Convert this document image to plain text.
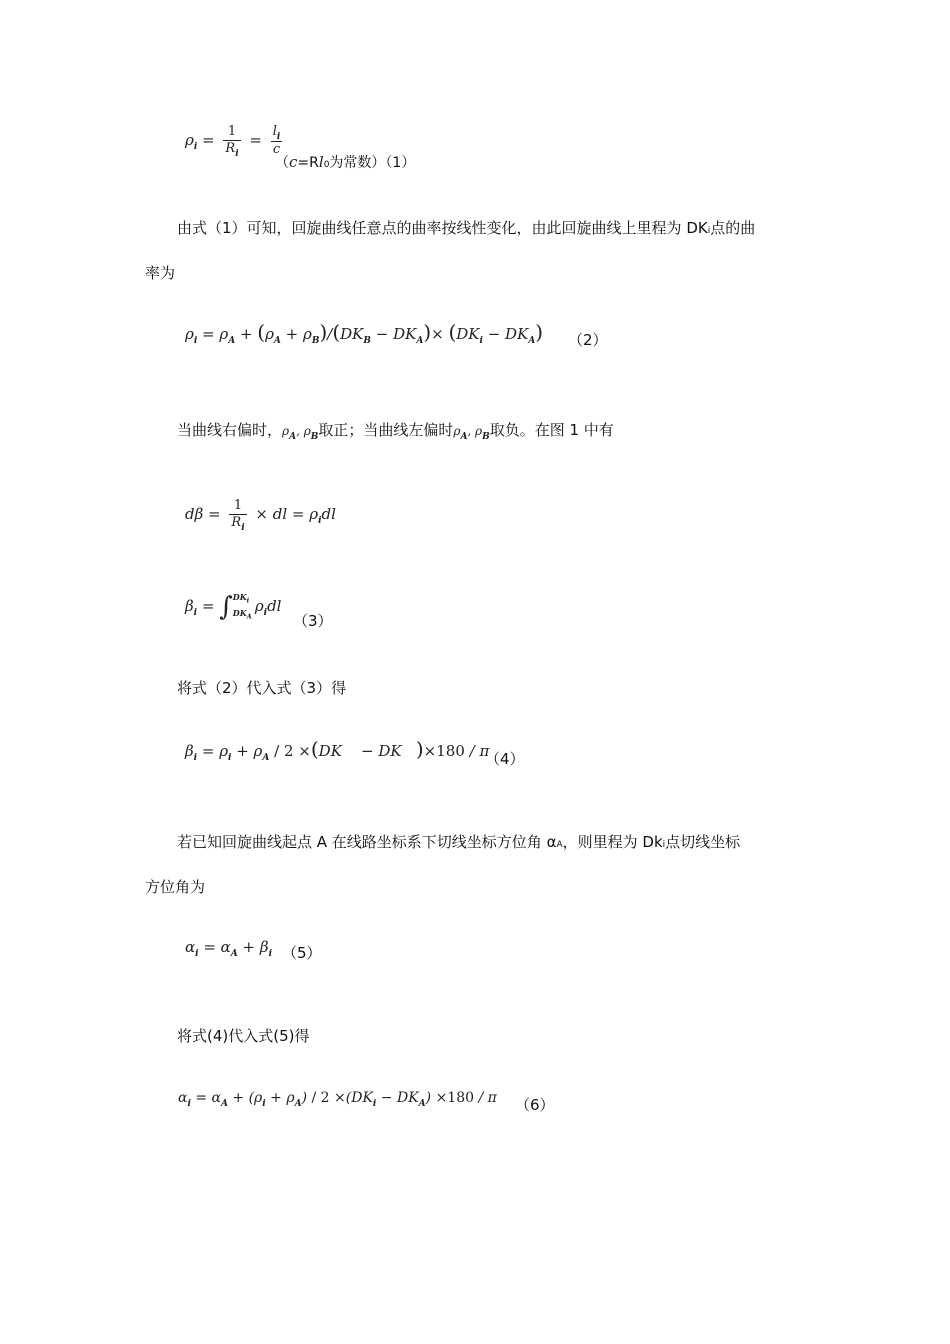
$\rho_i = \frac{1}{R_i} = \frac{l_i}{c}$
（c=Rl0为常数）（1）
由式（1）可知，回旋曲线任意点的曲率按线性变化，由此回旋曲线上里程为 DKi点的曲
率为
$\rho_i = \rho_A + (\rho_A + \rho_B)/(DK_B - DK_A)\times (DK_i - DK_A)$ （2）
当曲线右偏时，$\rho_A$, $\rho_B$取正；当曲线左偏时$\rho_A$, $\rho_B$取负。在图 1 中有
$d\beta = \frac{1}{R_i}$ × dl = $\rho_idl$
$\beta_i = \int DK_i$
$DK_A\rho_idl$
（3）
将式（2）代入式（3）得
$\beta_i = \rho_i + \rho_A / 2 \times(DK$    − DK   )×180 / π
（4）
若已知回旋曲线起点 A 在线路坐标系下切线坐标方位角 αA，则里程为 Dki点切线坐标
方位角为
$\alpha_i = \alpha_A + \beta_i$ （5）
将式(4)代入式(5)得
$\alpha_i = \alpha_A + (\rho_i + \rho_A) / 2 \times(DK_i - DK_A) \times 180 / \pi$ （6）
